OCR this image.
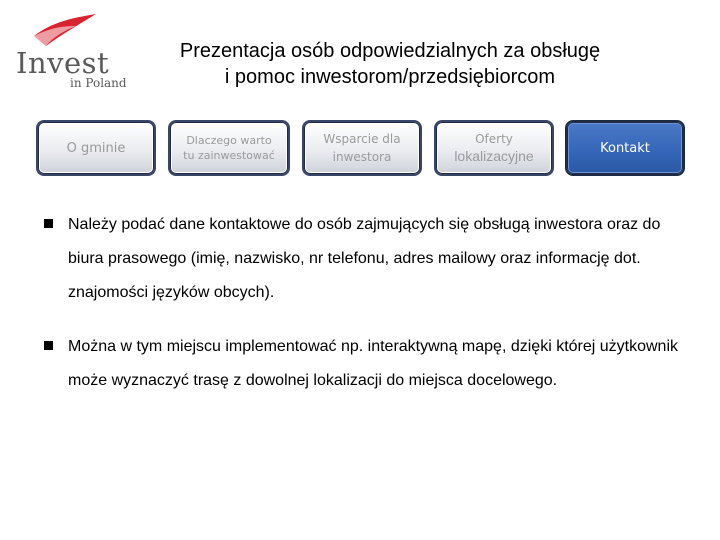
Invest
in Poland
Prezentacja osób odpowiedzialnych za obsługę
i pomoc inwestorom/przedsiębiorcom
O gminie	Dlaczego warto tu zainwestować
Wsparcie dla inwestora
Oferty
lokalizacyjne	Kontakt
Należy podać dane kontaktowe do osób zajmujących się obsługą inwestora oraz do biura prasowego (imię, nazwisko, nr telefonu, adres mailowy oraz informację dot. znajomości języków obcych).
Można w tym miejscu implementować np. interaktywną mapę, dzięki której użytkownik może wyznaczyć trasę z dowolnej lokalizacji do miejsca docelowego.
